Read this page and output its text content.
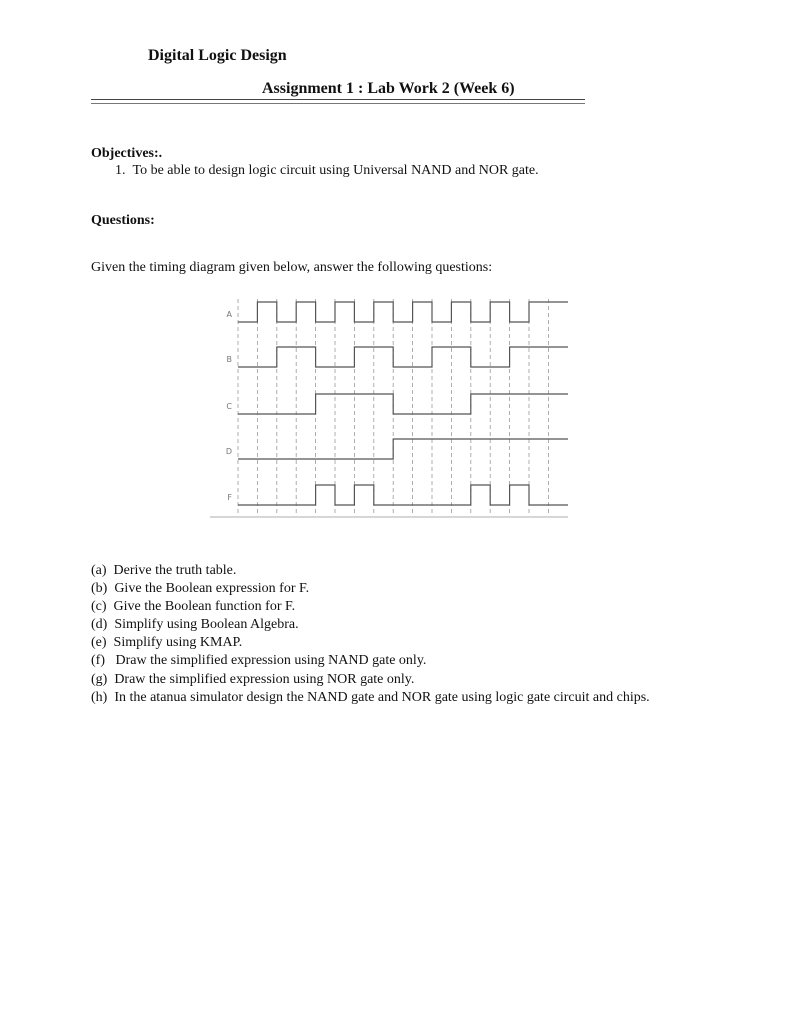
Digital Logic Design
Assignment 1 : Lab Work 2 (Week 6)
Objectives:.
1.  To be able to design logic circuit using Universal NAND and NOR gate.
Questions:
Given the timing diagram given below, answer the following questions:
A
B
C
D
F
(a)  Derive the truth table.
(b)  Give the Boolean expression for F.
(c)  Give the Boolean function for F.
(d)  Simplify using Boolean Algebra.
(e)  Simplify using KMAP.
(f)   Draw the simplified expression using NAND gate only.
(g)  Draw the simplified expression using NOR gate only.
(h)  In the atanua simulator design the NAND gate and NOR gate using logic gate circuit and chips.
